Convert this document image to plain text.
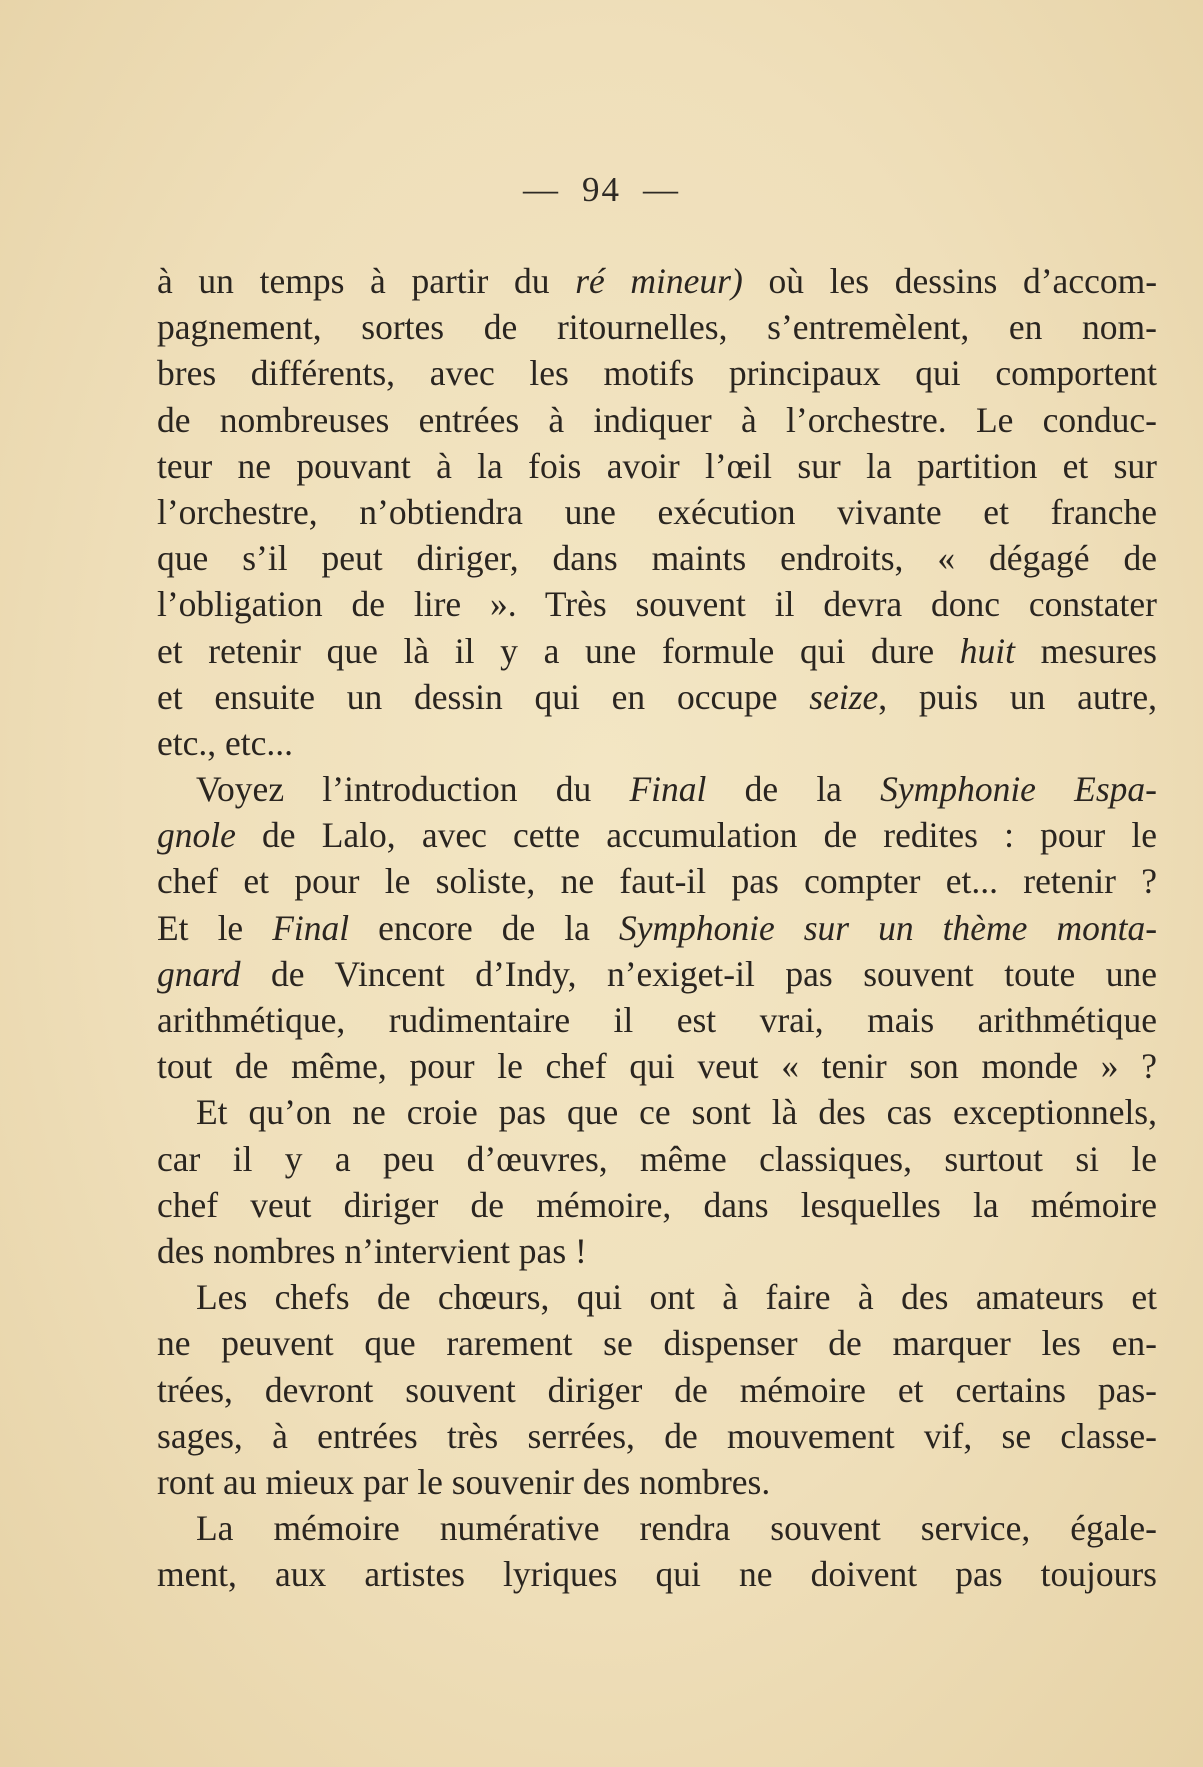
— 94 —
à un temps à partir du ré mineur) où les dessins d’accom-
pagnement, sortes de ritournelles, s’entremèlent, en nom-
bres différents, avec les motifs principaux qui comportent
de nombreuses entrées à indiquer à l’orchestre. Le conduc-
teur ne pouvant à la fois avoir l’œil sur la partition et sur
l’orchestre, n’obtiendra une exécution vivante et franche
que s’il peut diriger, dans maints endroits, « dégagé de
l’obligation de lire ». Très souvent il devra donc constater
et retenir que là il y a une formule qui dure huit mesures
et ensuite un dessin qui en occupe seize, puis un autre,
etc., etc...
Voyez l’introduction du Final de la Symphonie Espa-
gnole de Lalo, avec cette accumulation de redites : pour le
chef et pour le soliste, ne faut-il pas compter et... retenir ?
Et le Final encore de la Symphonie sur un thème monta-
gnard de Vincent d’Indy, n’exiget-il pas souvent toute une
arithmétique, rudimentaire il est vrai, mais arithmétique
tout de même, pour le chef qui veut « tenir son monde » ?
Et qu’on ne croie pas que ce sont là des cas exceptionnels,
car il y a peu d’œuvres, même classiques, surtout si le
chef veut diriger de mémoire, dans lesquelles la mémoire
des nombres n’intervient pas !
Les chefs de chœurs, qui ont à faire à des amateurs et
ne peuvent que rarement se dispenser de marquer les en-
trées, devront souvent diriger de mémoire et certains pas-
sages, à entrées très serrées, de mouvement vif, se classe-
ront au mieux par le souvenir des nombres.
La mémoire numérative rendra souvent service, égale-
ment, aux artistes lyriques qui ne doivent pas toujours
